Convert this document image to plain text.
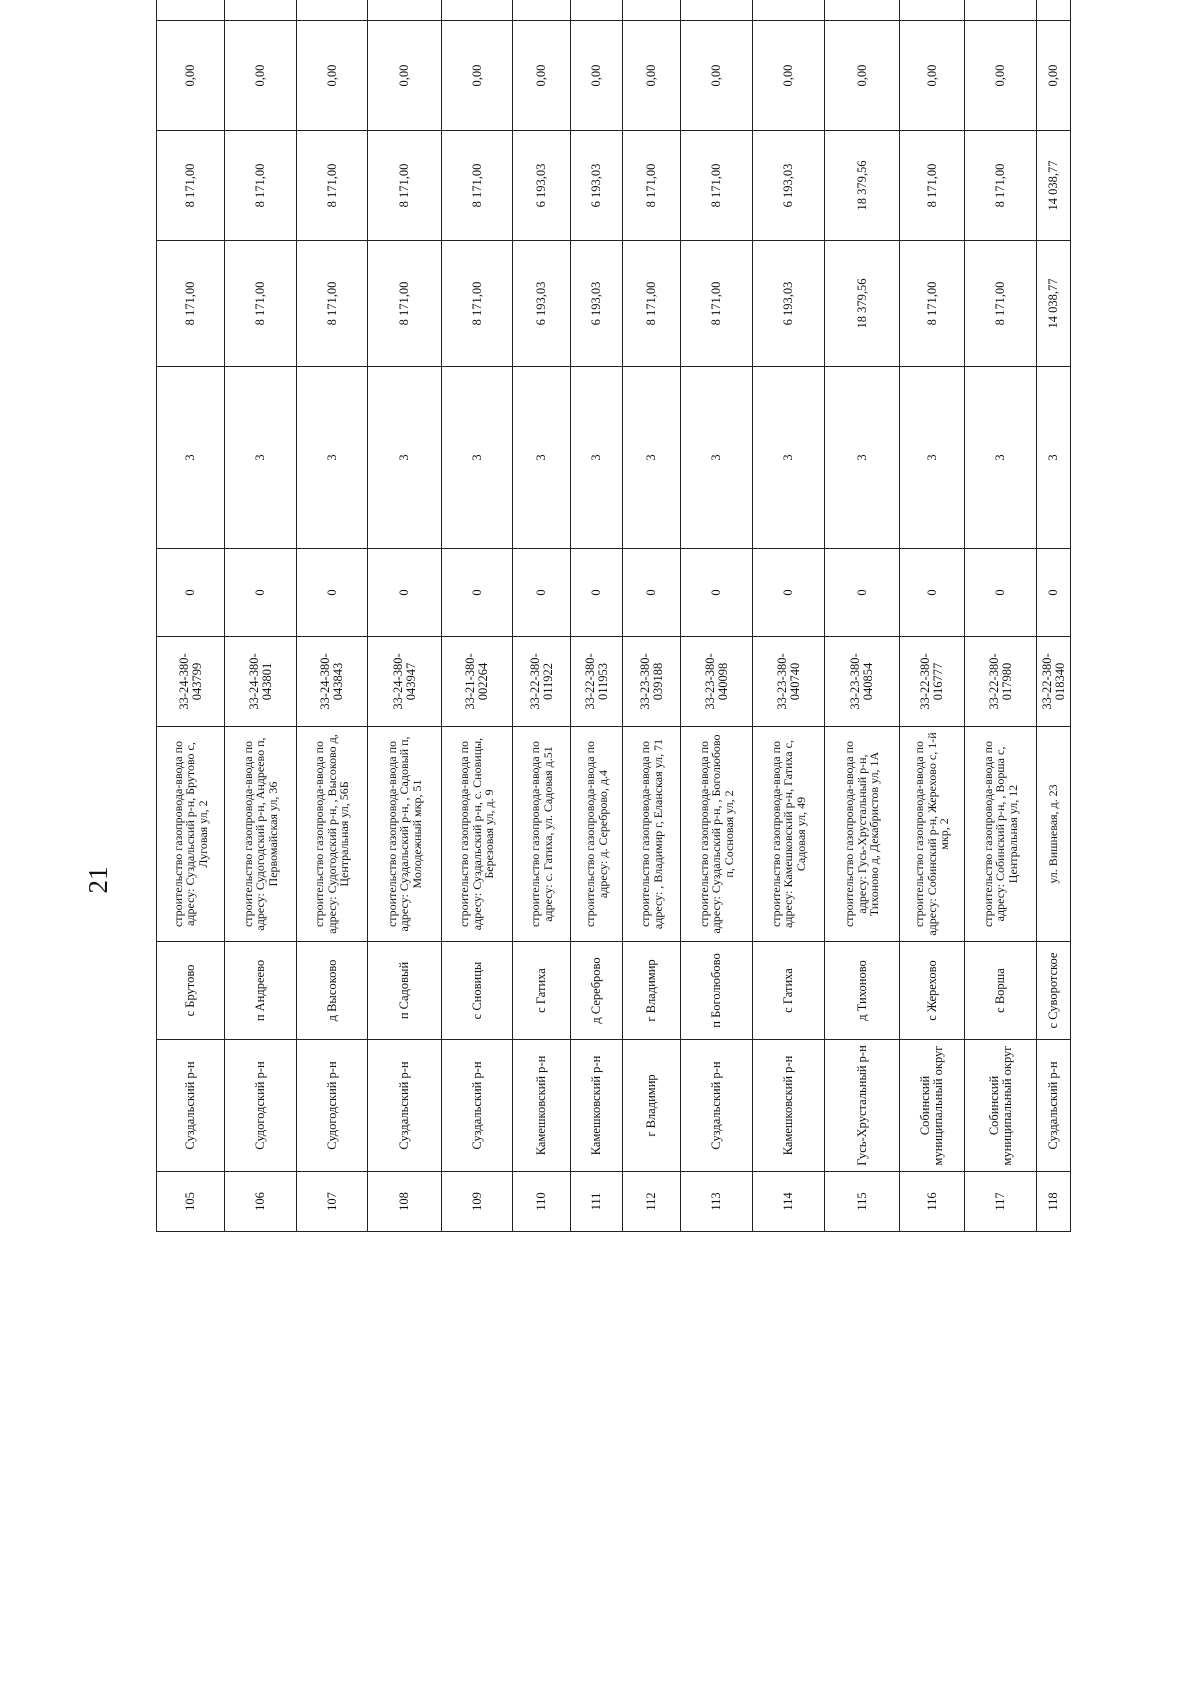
21
105	Суздальский р-н	с Брутово	строительство газопровода-ввода по адресу: Суздальский р-н, Брутово с, Луговая ул, 2	33-24-380-043799	0	3	8 171,00	8 171,00	0,00			
106	Судогодский р-н	п Андреево	строительство газопровода-ввода по адресу: Судогодский р-н, Андреево п, Первомайская ул, 36	33-24-380-043801	0	3	8 171,00	8 171,00	0,00			
107	Судогодский р-н	д Высоково	строительство газопровода-ввода по адресу: Судогодский р-н, , Высоково д, Центральная ул, 56Б	33-24-380-043843	0	3	8 171,00	8 171,00	0,00			
108	Суздальский р-н	п Садовый	строительство газопровода-ввода по адресу: Суздальский р-н, , Садовый п, Молодежный мкр, 51	33-24-380-043947	0	3	8 171,00	8 171,00	0,00			
109	Суздальский р-н	с Сновицы	строительство газопровода-ввода по адресу: Суздальский р-н, с. Сновицы, Березовая ул, д. 9	33-21-380-002264	0	3	8 171,00	8 171,00	0,00			
110	Камешковский р-н	с Гатиха	строительство газопровода-ввода по адресу: с. Гатиха, ул. Садовая д.51	33-22-380-011922	0	3	6 193,03	6 193,03	0,00			
111	Камешковский р-н	д Сереброво	строительство газопровода-ввода по адресу: д. Сереброво, д.4	33-22-380-011953	0	3	6 193,03	6 193,03	0,00			
112	г Владимир	г Владимир	строительство газопровода-ввода по адресу: , Владимир г, Еланская ул, 71	33-23-380-039188	0	3	8 171,00	8 171,00	0,00			
113	Суздальский р-н	п Боголюбово	строительство газопровода-ввода по адресу: Суздальский р-н, , Боголюбово п, Сосновая ул, 2	33-23-380-040098	0	3	8 171,00	8 171,00	0,00			
114	Камешковский р-н	с Гатиха	строительство газопровода-ввода по адресу: Камешковский р-н, Гатиха с, Садовая ул, 49	33-23-380-040740	0	3	6 193,03	6 193,03	0,00			
115	Гусь-Хрустальный р-н	д Тихоново	строительство газопровода-ввода по адресу: Гусь-Хрустальный р-н, Тихоново д, Декабристов ул, 1А	33-23-380-040854	0	3	18 379,56	18 379,56	0,00			
116	Собинский муниципальный округ	с Жерехово	строительство газопровода-ввода по адресу: Собинский р-н, Жерехово с, 1-й мкр, 2	33-22-380-016777	0	3	8 171,00	8 171,00	0,00			
117	Собинский муниципальный округ	с Ворша	строительство газопровода-ввода по адресу: Собинский р-н, , Ворша с, Центральная ул, 12	33-22-380-017980	0	3	8 171,00	8 171,00	0,00			
118	Суздальский р-н	с Суворотское	ул. Вишневая, д. 23	33-22-380-018340	0	3	14 038,77	14 038,77	0,00			
